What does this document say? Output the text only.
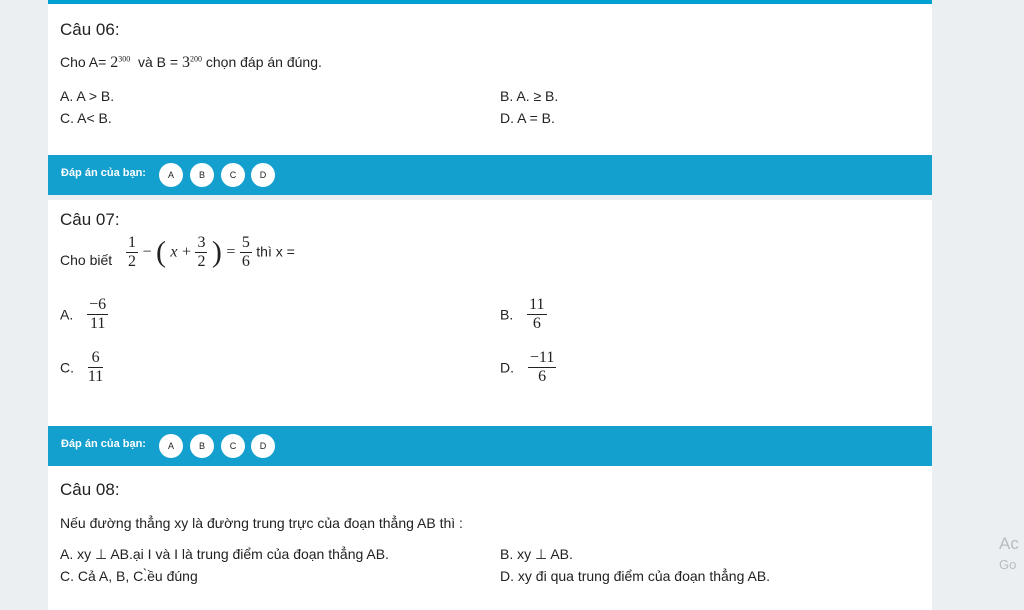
Câu 06:
Cho $A= 2^{300}$ và $B = 3^{200}$ chọn đáp án đúng.
A. A > B.	B. A. ≥ B.
C. A< B.	D. A = B.
Đáp án của bạn:	A	B	C	D
Câu 07:
Cho biết $\frac{1}{2}$ − ( $x + \frac{3}{2}$ ) = $\frac{5}{6}$ thì x =
A. $\frac{-6}{11}$	B. $\frac{11}{6}$
C. $\frac{6}{11}$	D. $\frac{-11}{6}$
Đáp án của bạn:	A	B	C	D
Câu 08:
Nếu đường thẳng xy là đường trung trực của đoạn thẳng AB thì :
A. xy ⊥ AB.ại I và I là trung điểm của đoạn thẳng AB.	B. xy ⊥ AB.
C. Cả A, B, C.̀ều đúng	D. xy đi qua trung điểm của đoạn thẳng AB.
Ac
Go
